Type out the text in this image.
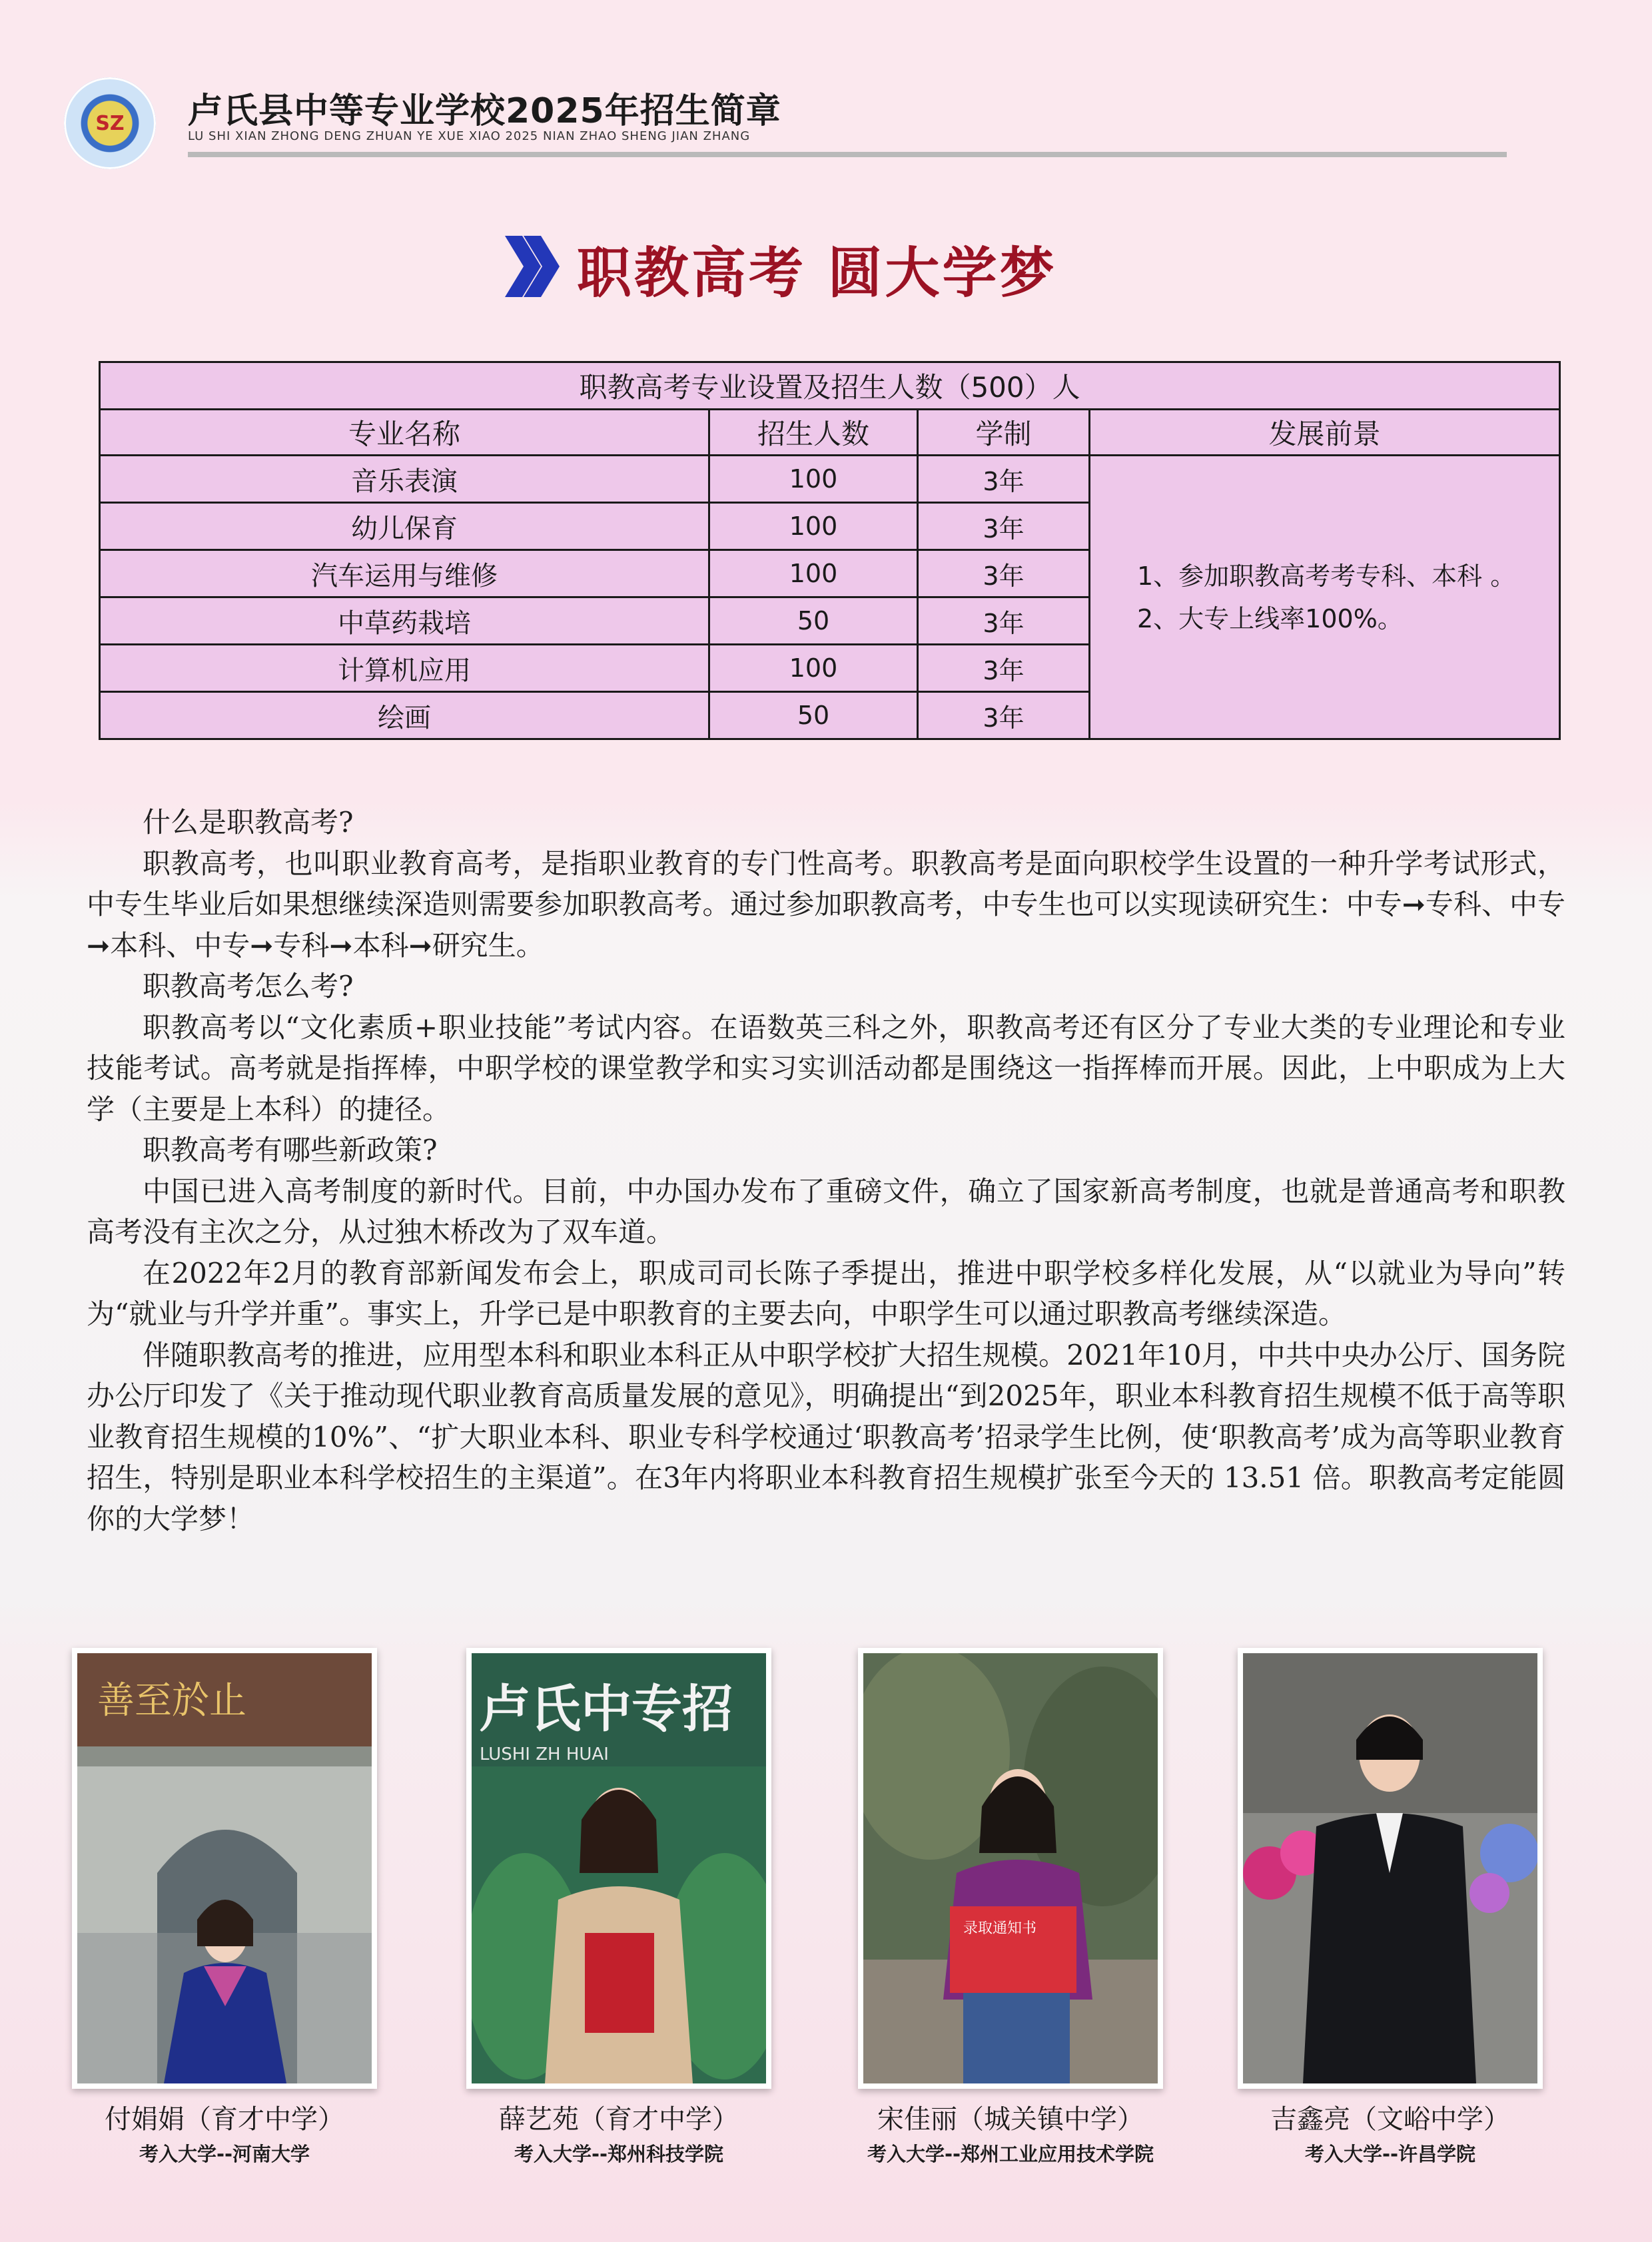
SZ 卢氏县中等专业学校2025年招生简章
LU SHI XIAN ZHONG DENG ZHUAN YE XUE XIAO 2025 NIAN ZHAO SHENG JIAN ZHANG
职教高考 圆大学梦
职教高考专业设置及招生人数（500）人			
专业名称	招生人数	学制	发展前景
音乐表演	100	3年	1、参加职教高考考专科、本科 。
2、大专上线率100%。

幼儿保育	100	3年	
汽车运用与维修	100	3年	
中草药栽培	50	3年	
计算机应用	100	3年	
绘画	50	3年	

什么是职教高考?

职教高考，也叫职业教育高考，是指职业教育的专门性高考。职教高考是面向职校学生设置的一种升学考试形式，中专生毕业后如果想继续深造则需要参加职教高考。通过参加职教高考，中专生也可以实现读研究生：中专➞专科、中专➞本科、中专➞专科➞本科➞研究生。

职教高考怎么考?

职教高考以“文化素质+职业技能”考试内容。在语数英三科之外，职教高考还有区分了专业大类的专业理论和专业技能考试。高考就是指挥棒，中职学校的课堂教学和实习实训活动都是围绕这一指挥棒而开展。因此，上中职成为上大学（主要是上本科）的捷径。

职教高考有哪些新政策?

中国已进入高考制度的新时代。目前，中办国办发布了重磅文件，确立了国家新高考制度，也就是普通高考和职教高考没有主次之分，从过独木桥改为了双车道。

在2022年2月的教育部新闻发布会上，职成司司长陈子季提出，推进中职学校多样化发展，从“以就业为导向”转为“就业与升学并重”。事实上，升学已是中职教育的主要去向，中职学生可以通过职教高考继续深造。

伴随职教高考的推进，应用型本科和职业本科正从中职学校扩大招生规模。2021年10月，中共中央办公厅、国务院办公厅印发了《关于推动现代职业教育高质量发展的意见》，明确提出“到2025年，职业本科教育招生规模不低于高等职业教育招生规模的10%”、“扩大职业本科、职业专科学校通过‘职教高考’招录学生比例，使‘职教高考’成为高等职业教育招生，特别是职业本科学校招生的主渠道”。在3年内将职业本科教育招生规模扩张至今天的 13.51 倍。职教高考定能圆你的大学梦！

善至於止	卢氏中专招
LUSHI ZH HUAI
录取通知书
付娟娟（育才中学）
考入大学--河南大学
薛艺苑（育才中学）
考入大学--郑州科技学院
宋佳丽（城关镇中学）
考入大学--郑州工业应用技术学院
吉鑫亮（文峪中学）
考入大学--许昌学院
